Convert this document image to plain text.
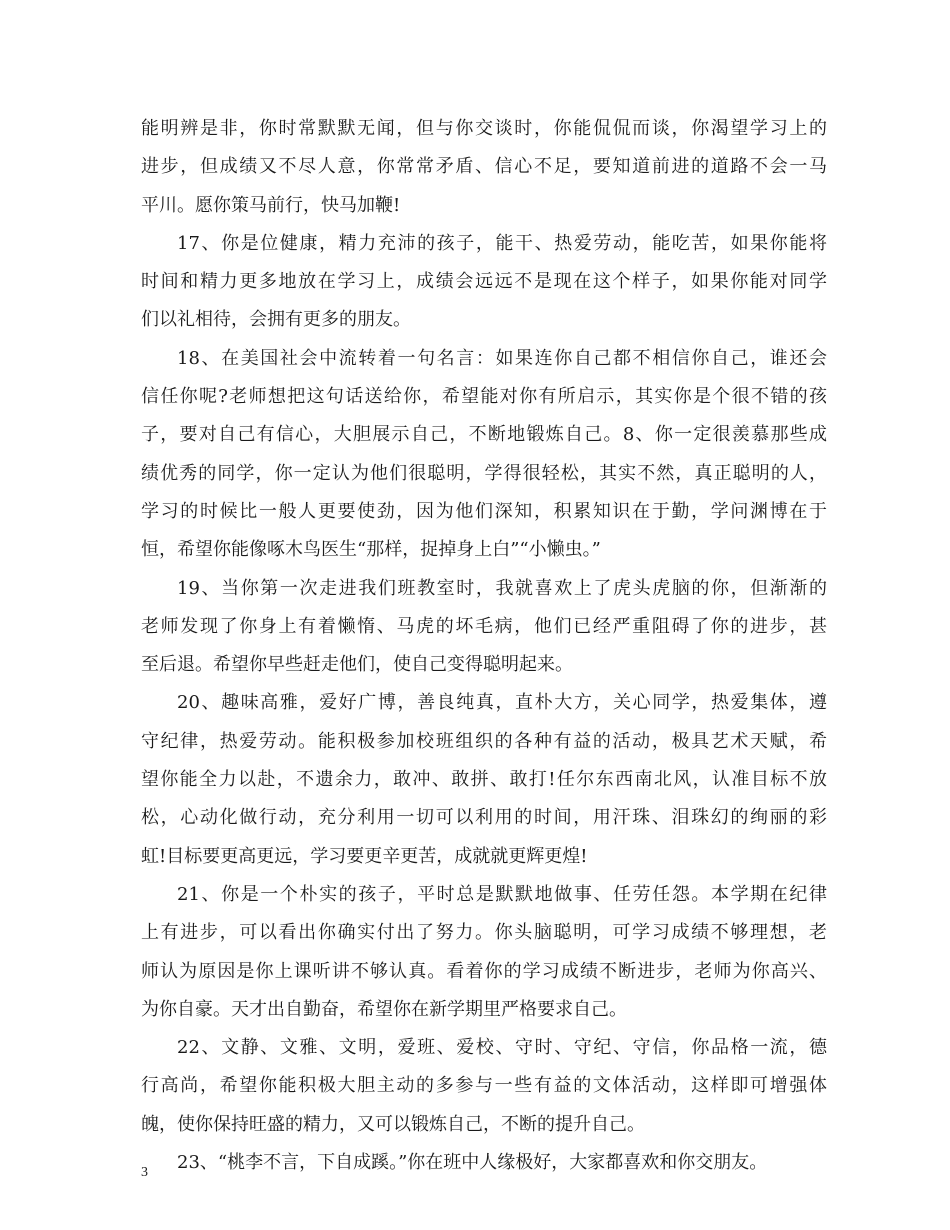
能明辨是非，你时常默默无闻，但与你交谈时，你能侃侃而谈，你渴望学习上的
进步，但成绩又不尽人意，你常常矛盾、信心不足，要知道前进的道路不会一马
平川。愿你策马前行，快马加鞭!
17、你是位健康，精力充沛的孩子，能干、热爱劳动，能吃苦，如果你能将
时间和精力更多地放在学习上，成绩会远远不是现在这个样子，如果你能对同学
们以礼相待，会拥有更多的朋友。
18、在美国社会中流转着一句名言：如果连你自己都不相信你自己，谁还会
信任你呢?老师想把这句话送给你，希望能对你有所启示，其实你是个很不错的孩
子，要对自己有信心，大胆展示自己，不断地锻炼自己。8、你一定很羡慕那些成
绩优秀的同学，你一定认为他们很聪明，学得很轻松，其实不然，真正聪明的人，
学习的时候比一般人更要使劲，因为他们深知，积累知识在于勤，学问渊博在于
恒，希望你能像啄木鸟医生“那样，捉掉身上白”“小懒虫。”
19、当你第一次走进我们班教室时，我就喜欢上了虎头虎脑的你，但渐渐的
老师发现了你身上有着懒惰、马虎的坏毛病，他们已经严重阻碍了你的进步，甚
至后退。希望你早些赶走他们，使自己变得聪明起来。
20、趣味高雅，爱好广博，善良纯真，直朴大方，关心同学，热爱集体，遵
守纪律，热爱劳动。能积极参加校班组织的各种有益的活动，极具艺术天赋，希
望你能全力以赴，不遗余力，敢冲、敢拼、敢打!任尔东西南北风，认准目标不放
松，心动化做行动，充分利用一切可以利用的时间，用汗珠、泪珠幻的绚丽的彩
虹!目标要更高更远，学习要更辛更苦，成就就更辉更煌!
21、你是一个朴实的孩子，平时总是默默地做事、任劳任怨。本学期在纪律
上有进步，可以看出你确实付出了努力。你头脑聪明，可学习成绩不够理想，老
师认为原因是你上课听讲不够认真。看着你的学习成绩不断进步，老师为你高兴、
为你自豪。天才出自勤奋，希望你在新学期里严格要求自己。
22、文静、文雅、文明，爱班、爱校、守时、守纪、守信，你品格一流，德
行高尚，希望你能积极大胆主动的多参与一些有益的文体活动，这样即可增强体
魄，使你保持旺盛的精力，又可以锻炼自己，不断的提升自己。
23、“桃李不言，下自成蹊。”你在班中人缘极好，大家都喜欢和你交朋友。
3
